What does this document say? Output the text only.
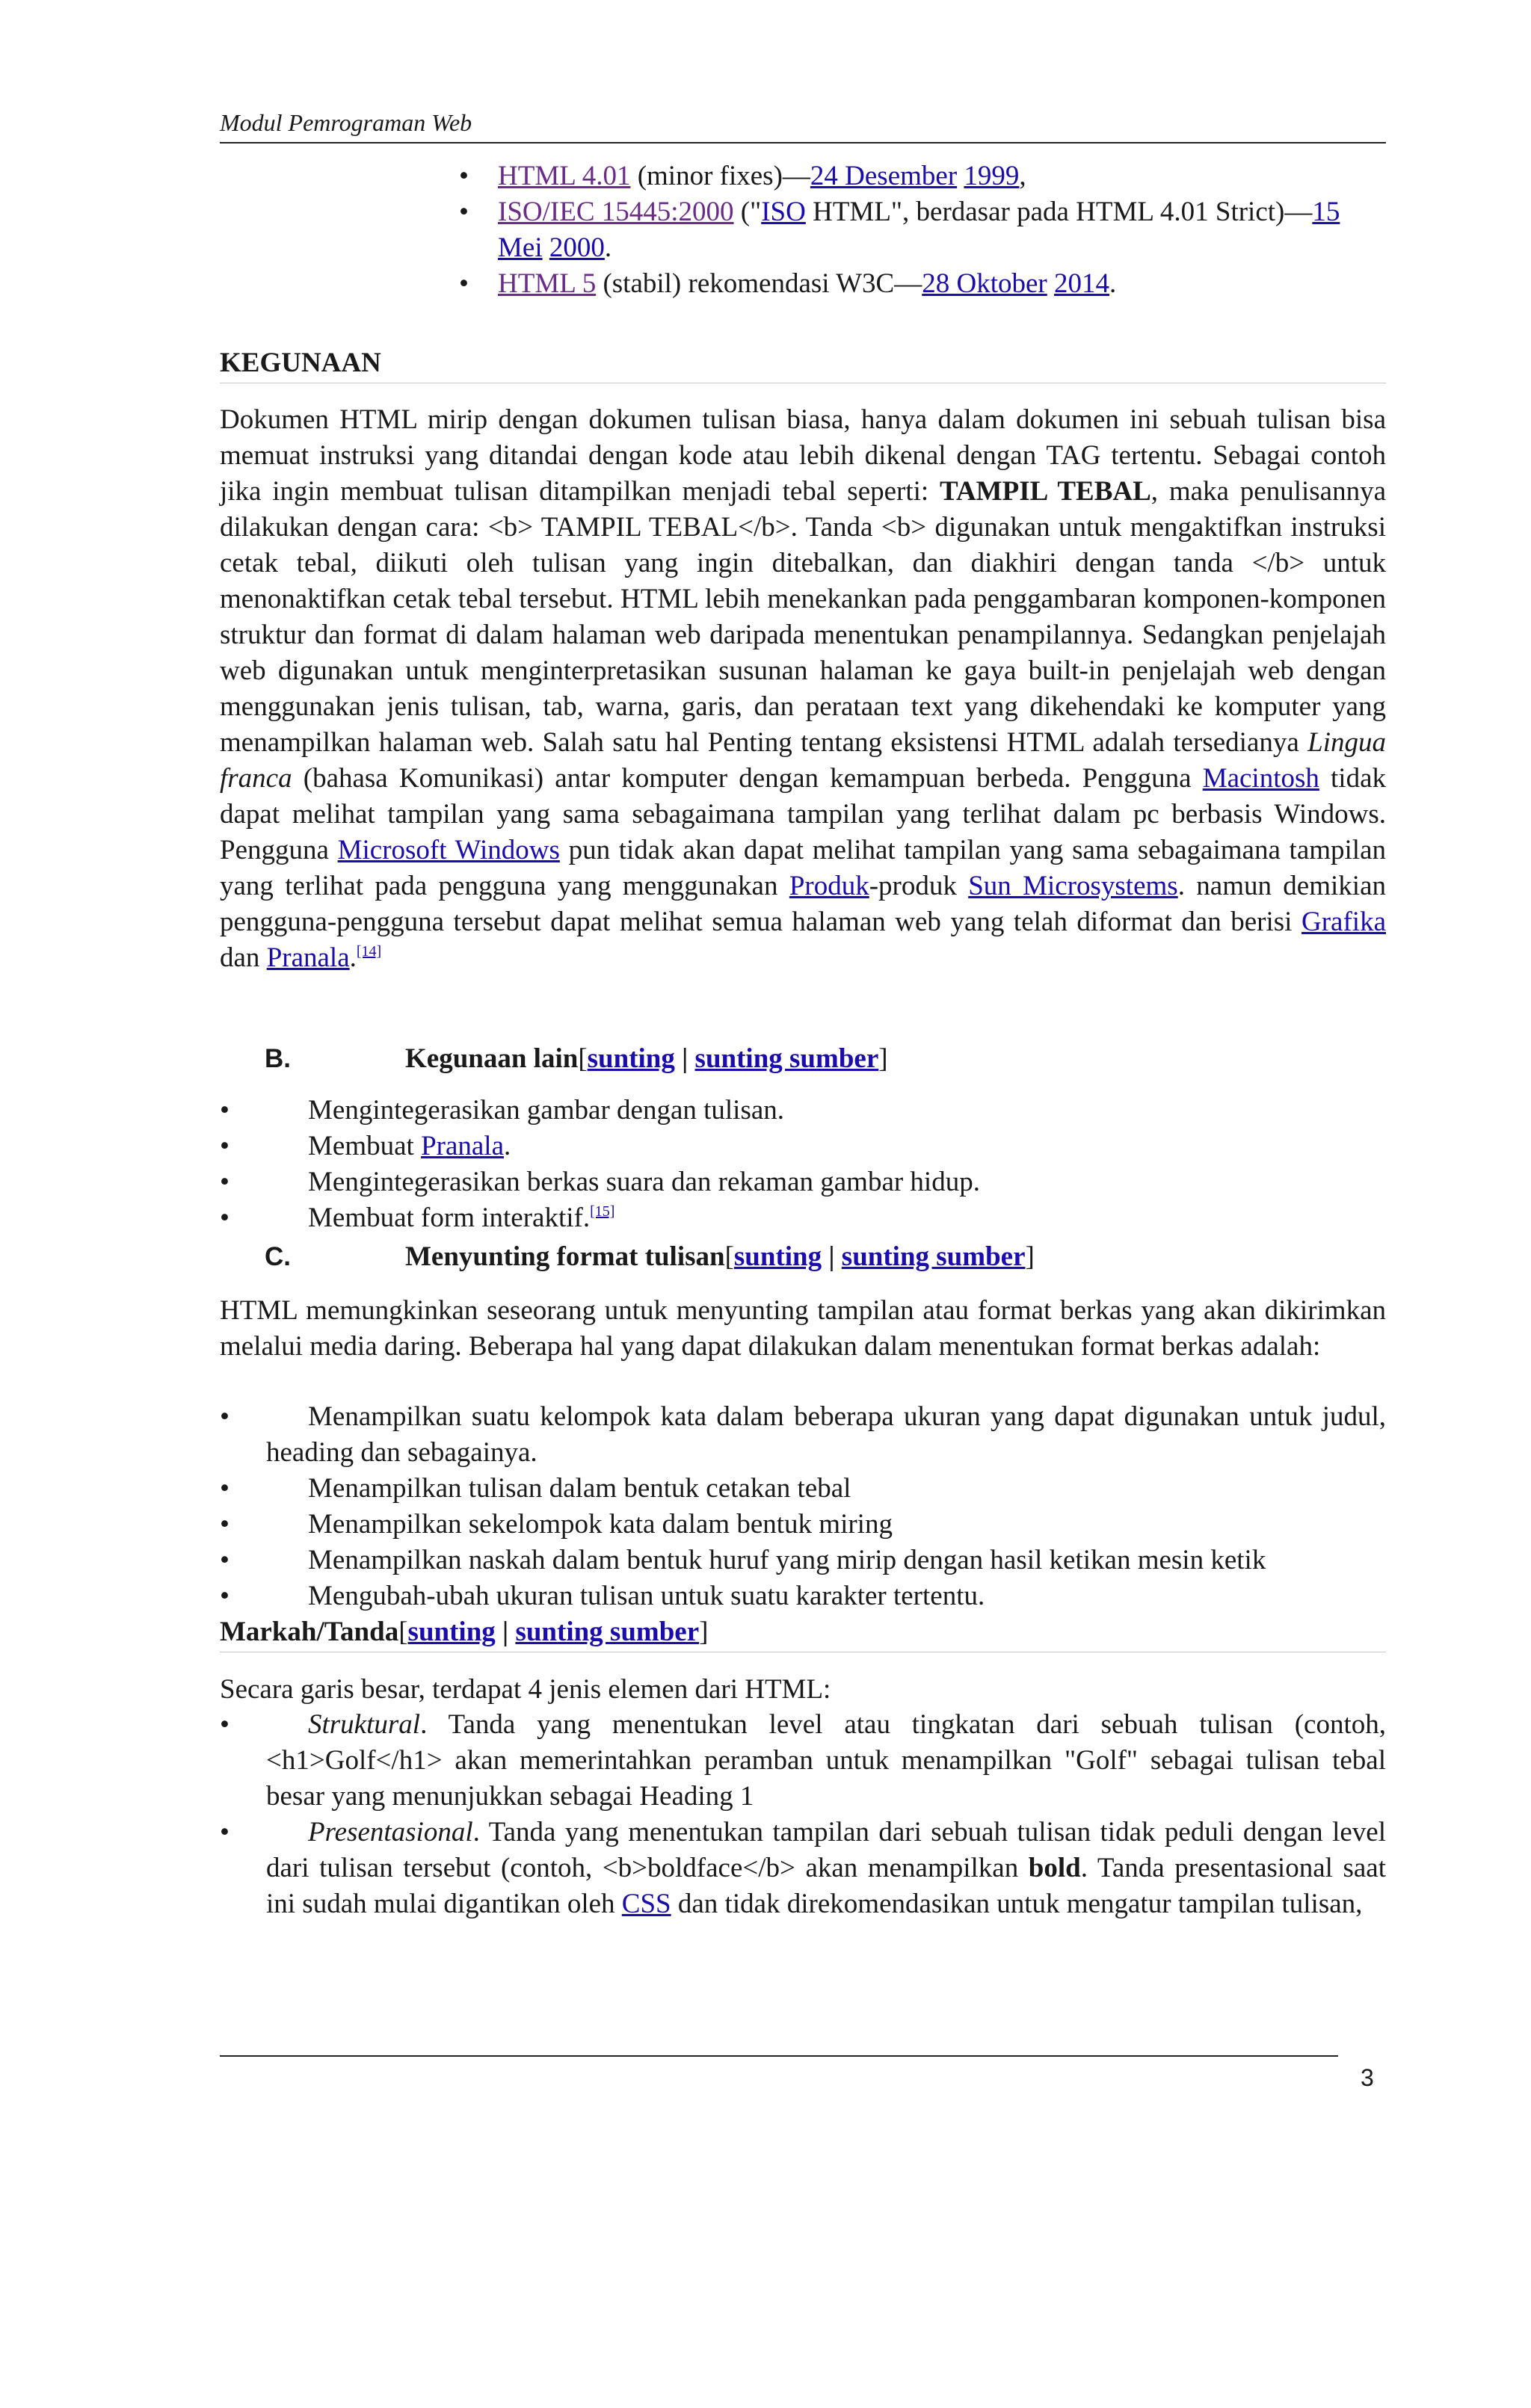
Modul Pemrograman Web
• HTML 4.01 (minor fixes)—24 Desember 1999,
• ISO/IEC 15445:2000 ("ISO HTML", berdasar pada HTML 4.01 Strict)—15 Mei 2000.
• HTML 5 (stabil) rekomendasi W3C—28 Oktober 2014.
KEGUNAAN

Dokumen HTML mirip dengan dokumen tulisan biasa, hanya dalam dokumen ini sebuah tulisan bisa memuat instruksi yang ditandai dengan kode atau lebih dikenal dengan TAG tertentu. Sebagai contoh jika ingin membuat tulisan ditampilkan menjadi tebal seperti: TAMPIL TEBAL, maka penulisannya dilakukan dengan cara: <b> TAMPIL TEBAL</b>. Tanda <b> digunakan untuk mengaktifkan instruksi cetak tebal, diikuti oleh tulisan yang ingin ditebalkan, dan diakhiri dengan tanda </b> untuk menonaktifkan cetak tebal tersebut. HTML lebih menekankan pada penggambaran komponen-komponen struktur dan format di dalam halaman web daripada menentukan penampilannya. Sedangkan penjelajah web digunakan untuk menginterpretasikan susunan halaman ke gaya built-in penjelajah web dengan menggunakan jenis tulisan, tab, warna, garis, dan perataan text yang dikehendaki ke komputer yang menampilkan halaman web. Salah satu hal Penting tentang eksistensi HTML adalah tersedianya Lingua franca (bahasa Komunikasi) antar komputer dengan kemampuan berbeda. Pengguna Macintosh tidak dapat melihat tampilan yang sama sebagaimana tampilan yang terlihat dalam pc berbasis Windows. Pengguna Microsoft Windows pun tidak akan dapat melihat tampilan yang sama sebagaimana tampilan yang terlihat pada pengguna yang menggunakan Produk-produk Sun Microsystems. namun demikian pengguna-pengguna tersebut dapat melihat semua halaman web yang telah diformat dan berisi Grafika dan Pranala.[14]

B.	Kegunaan lain[sunting | sunting sumber]
• Mengintegerasikan gambar dengan tulisan.
• Membuat Pranala.
• Mengintegerasikan berkas suara dan rekaman gambar hidup.
• Membuat form interaktif.[15]
C.	Menyunting format tulisan[sunting | sunting sumber]

HTML memungkinkan seseorang untuk menyunting tampilan atau format berkas yang akan dikirimkan melalui media daring. Beberapa hal yang dapat dilakukan dalam menentukan format berkas adalah:

• Menampilkan suatu kelompok kata dalam beberapa ukuran yang dapat digunakan untuk judul, heading dan sebagainya.
• Menampilkan tulisan dalam bentuk cetakan tebal
• Menampilkan sekelompok kata dalam bentuk miring
• Menampilkan naskah dalam bentuk huruf yang mirip dengan hasil ketikan mesin ketik
• Mengubah-ubah ukuran tulisan untuk suatu karakter tertentu.
Markah/Tanda[sunting | sunting sumber]

Secara garis besar, terdapat 4 jenis elemen dari HTML:

• Struktural. Tanda yang menentukan level atau tingkatan dari sebuah tulisan (contoh, <h1>Golf</h1> akan memerintahkan peramban untuk menampilkan "Golf" sebagai tulisan tebal besar yang menunjukkan sebagai Heading 1
• Presentasional. Tanda yang menentukan tampilan dari sebuah tulisan tidak peduli dengan level dari tulisan tersebut (contoh, <b>boldface</b> akan menampilkan bold. Tanda presentasional saat ini sudah mulai digantikan oleh CSS dan tidak direkomendasikan untuk mengatur tampilan tulisan,
3
